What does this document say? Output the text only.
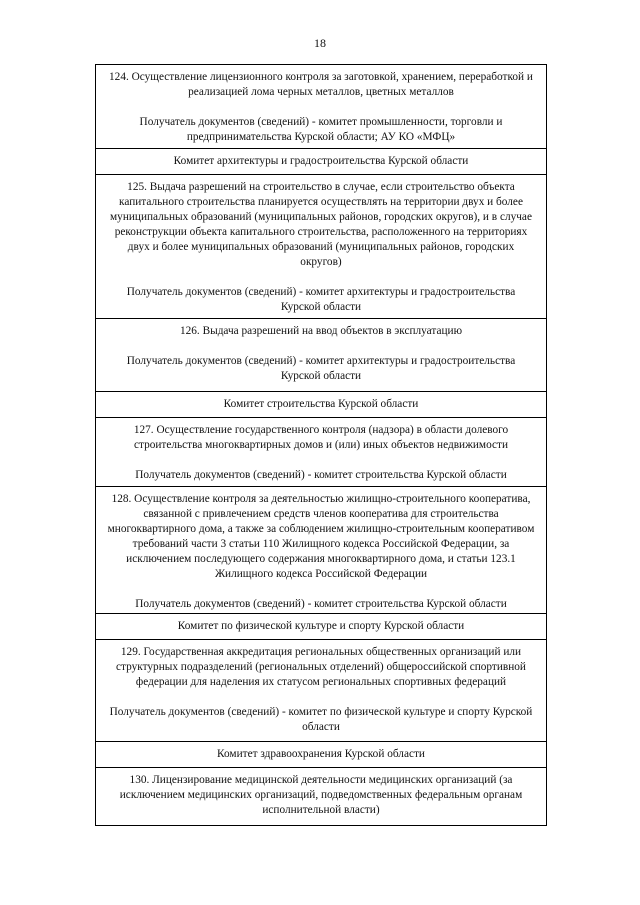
18
124. Осуществление лицензионного контроля за заготовкой, хранением, переработкой и реализацией лома черных металлов, цветных металлов
Получатель документов (сведений) - комитет промышленности, торговли и предпринимательства Курской области; АУ КО «МФЦ»
Комитет архитектуры и градостроительства Курской области
125. Выдача разрешений на строительство в случае, если строительство объекта капитального строительства планируется осуществлять на территории двух и более муниципальных образований (муниципальных районов, городских округов), и в случае реконструкции объекта капитального строительства, расположенного на территориях двух и более муниципальных образований (муниципальных районов, городских округов)
Получатель документов (сведений) - комитет архитектуры и градостроительства Курской области
126. Выдача разрешений на ввод объектов в эксплуатацию
Получатель документов (сведений) - комитет архитектуры и градостроительства Курской области
Комитет строительства Курской области
127. Осуществление государственного контроля (надзора) в области долевого строительства многоквартирных домов и (или) иных объектов недвижимости
Получатель документов (сведений) - комитет строительства Курской области
128. Осуществление контроля за деятельностью жилищно-строительного кооператива, связанной с привлечением средств членов кооператива для строительства многоквартирного дома, а также за соблюдением жилищно-строительным кооперативом требований части 3 статьи 110 Жилищного кодекса Российской Федерации, за исключением последующего содержания многоквартирного дома, и статьи 123.1 Жилищного кодекса Российской Федерации
Получатель документов (сведений) - комитет строительства Курской области
Комитет по физической культуре и спорту Курской области
129. Государственная аккредитация региональных общественных организаций или структурных подразделений (региональных отделений) общероссийской спортивной федерации для наделения их статусом региональных спортивных федераций
Получатель документов (сведений) - комитет по физической культуре и спорту Курской области
Комитет здравоохранения Курской области
130. Лицензирование медицинской деятельности медицинских организаций (за исключением медицинских организаций, подведомственных федеральным органам исполнительной власти)
